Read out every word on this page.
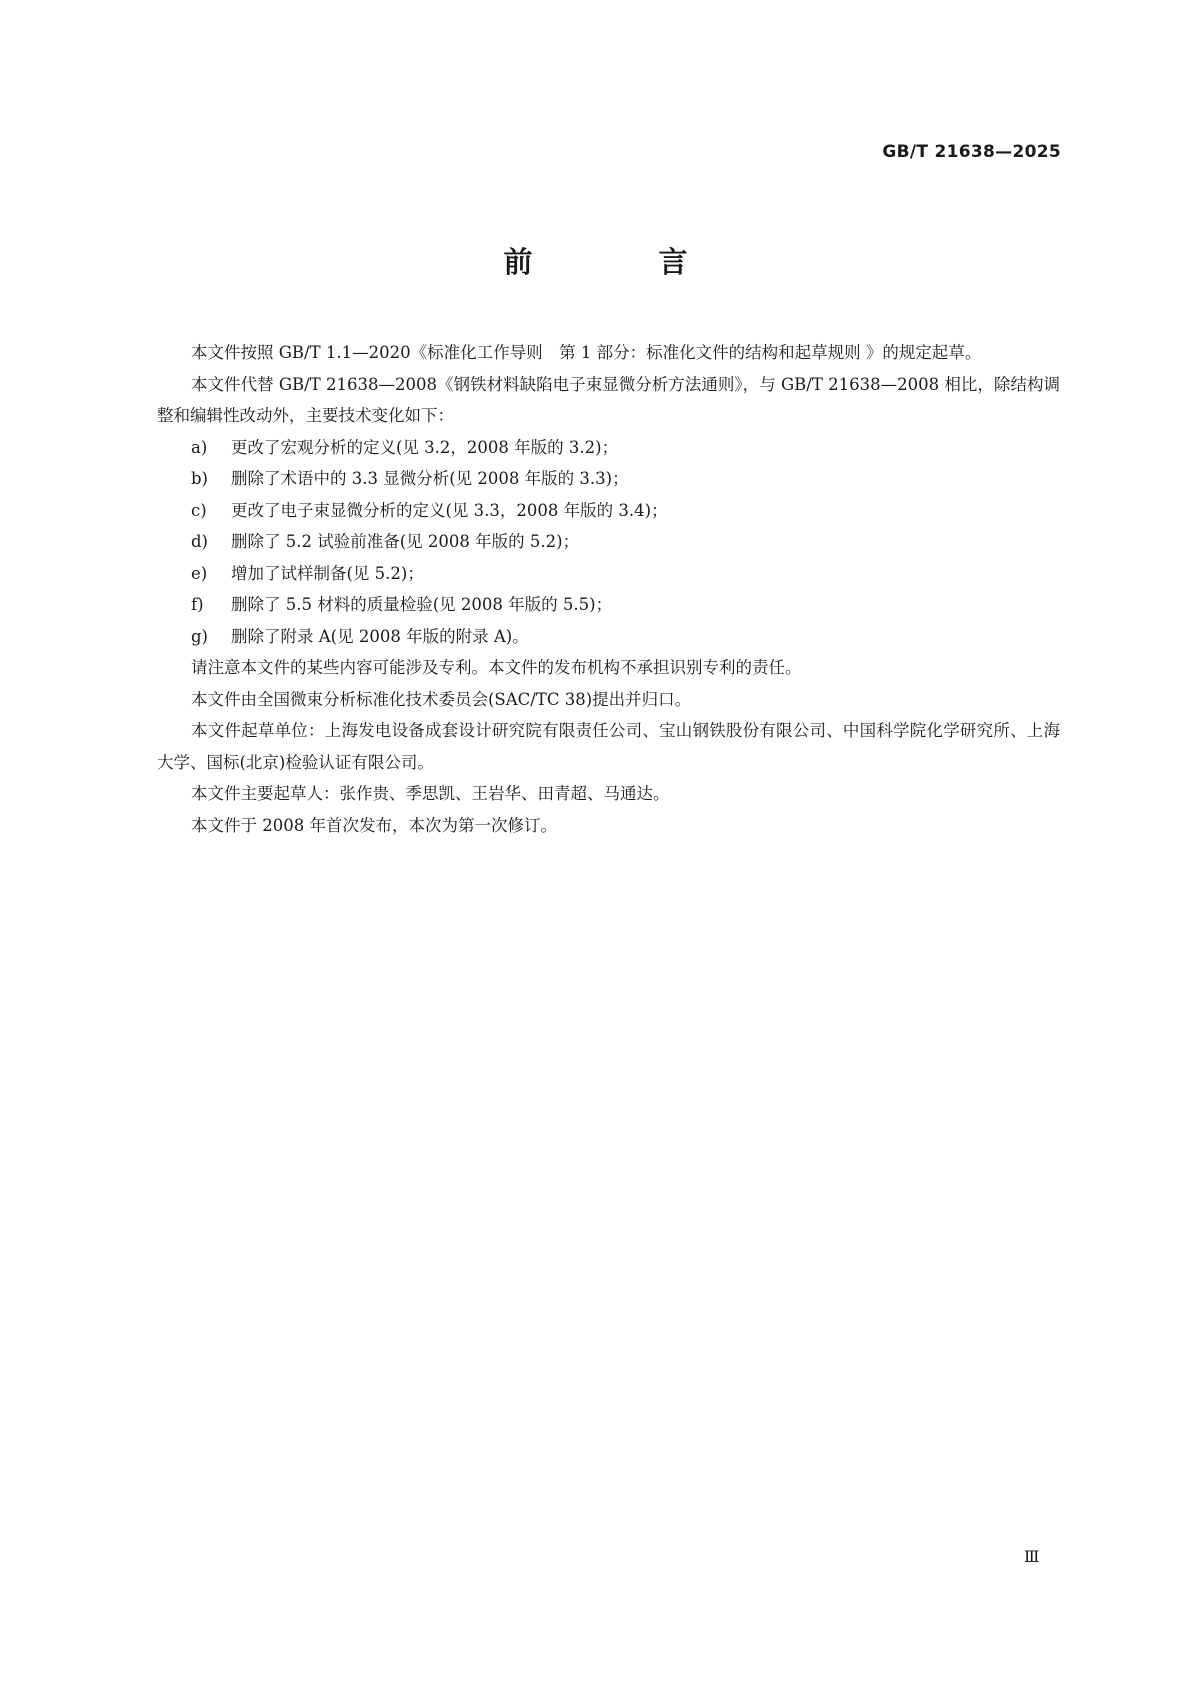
GB/T 21638—2025
前 言

本文件按照 GB/T 1.1—2020《标准化工作导则　第 1 部分：标准化文件的结构和起草规则 》的规定起草。

本文件代替 GB/T 21638—2008《钢铁材料缺陷电子束显微分析方法通则》，与 GB/T 21638—2008 相比，除结构调整和编辑性改动外，主要技术变化如下：

a) 更改了宏观分析的定义(见 3.2，2008 年版的 3.2)；

b) 删除了术语中的 3.3 显微分析(见 2008 年版的 3.3)；

c) 更改了电子束显微分析的定义(见 3.3，2008 年版的 3.4)；

d) 删除了 5.2 试验前准备(见 2008 年版的 5.2)；

e) 增加了试样制备(见 5.2)；

f) 删除了 5.5 材料的质量检验(见 2008 年版的 5.5)；

g) 删除了附录 A(见 2008 年版的附录 A)。

请注意本文件的某些内容可能涉及专利。本文件的发布机构不承担识别专利的责任。

本文件由全国微束分析标准化技术委员会(SAC/TC 38)提出并归口。

本文件起草单位：上海发电设备成套设计研究院有限责任公司、宝山钢铁股份有限公司、中国科学院化学研究所、上海大学、国标(北京)检验认证有限公司。

本文件主要起草人：张作贵、季思凯、王岩华、田青超、马通达。

本文件于 2008 年首次发布，本次为第一次修订。

Ⅲ
